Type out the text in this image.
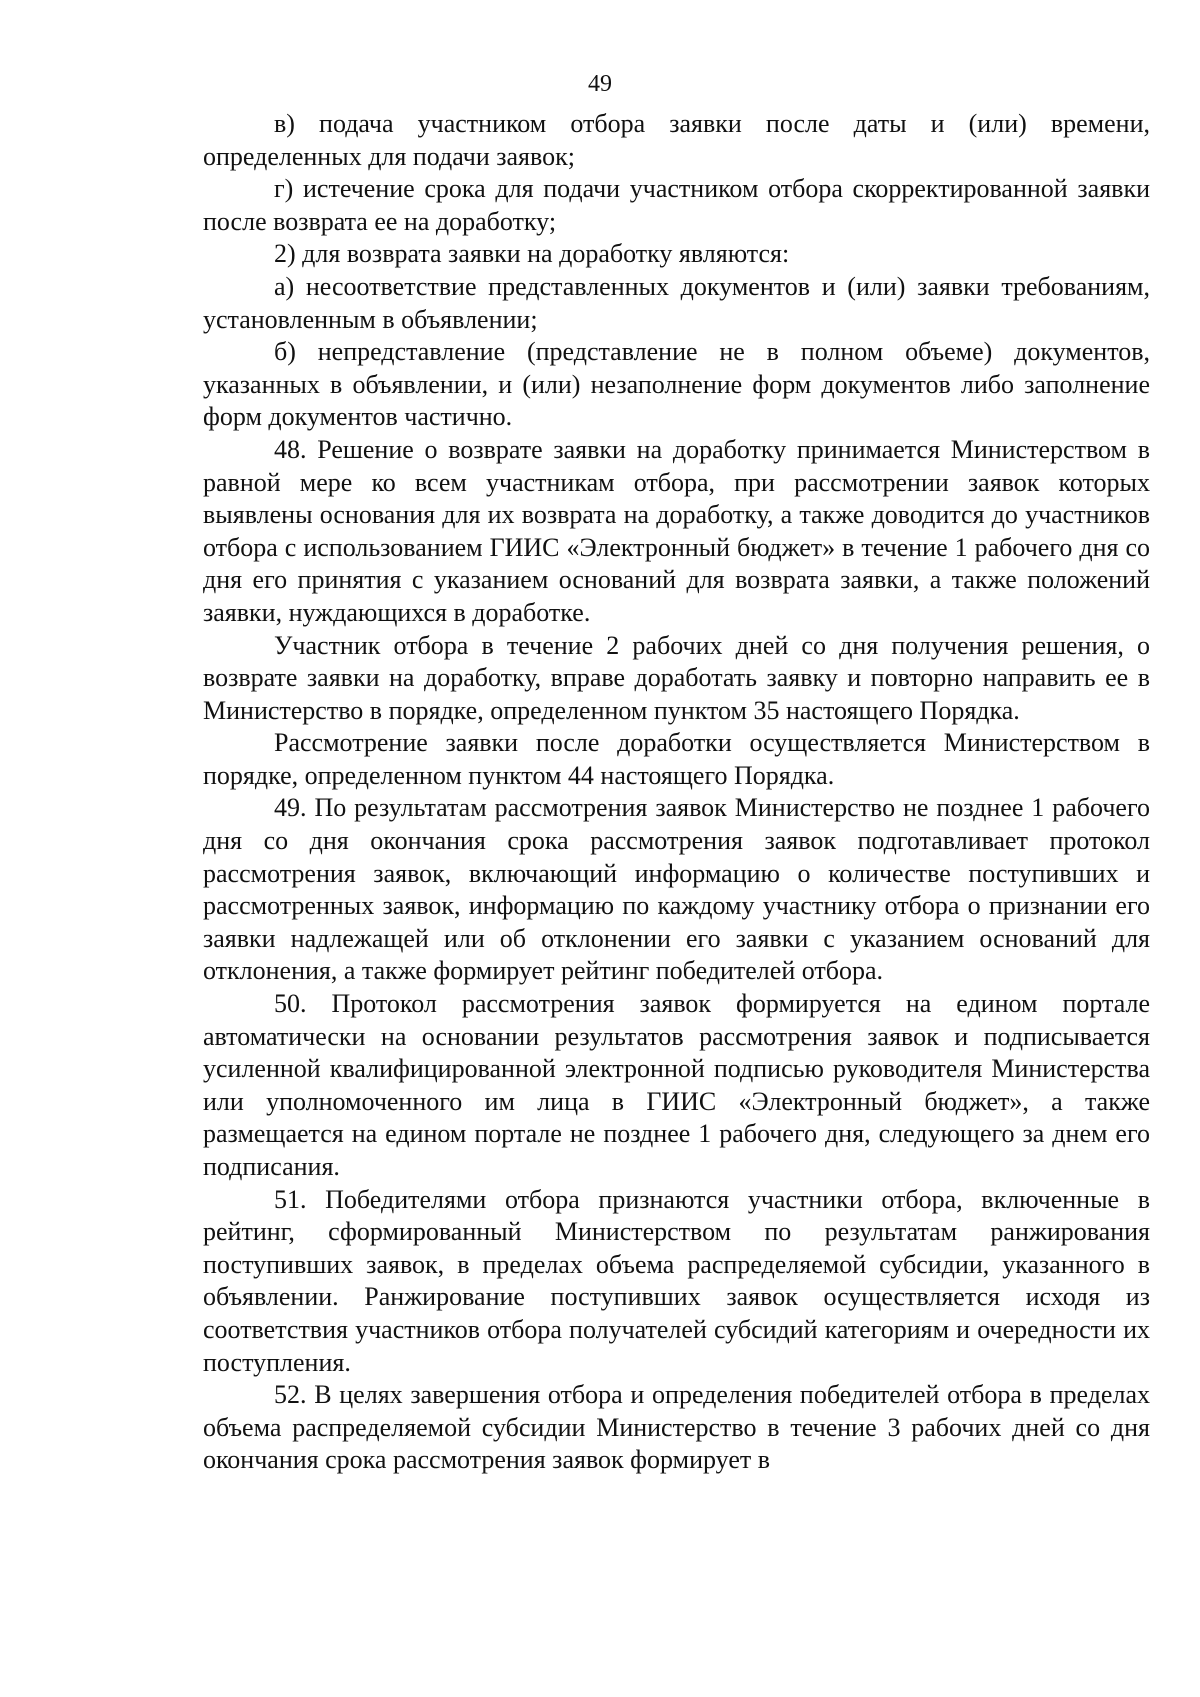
49

в) подача участником отбора заявки после даты и (или) времени, определенных для подачи заявок;

г) истечение срока для подачи участником отбора скорректированной заявки после возврата ее на доработку;

2) для возврата заявки на доработку являются:

а) несоответствие представленных документов и (или) заявки требованиям, установленным в объявлении;

б) непредставление (представление не в полном объеме) документов, указанных в объявлении, и (или) незаполнение форм документов либо заполнение форм документов частично.

48. Решение о возврате заявки на доработку принимается Министерством в равной мере ко всем участникам отбора, при рассмотрении заявок которых выявлены основания для их возврата на доработку, а также доводится до участников отбора с использованием ГИИС «Электронный бюджет» в течение 1 рабочего дня со дня его принятия с указанием оснований для возврата заявки, а также положений заявки, нуждающихся в доработке.

Участник отбора в течение 2 рабочих дней со дня получения решения, о возврате заявки на доработку, вправе доработать заявку и повторно направить ее в Министерство в порядке, определенном пунктом 35 настоящего Порядка.

Рассмотрение заявки после доработки осуществляется Министерством в порядке, определенном пунктом 44 настоящего Порядка.

49. По результатам рассмотрения заявок Министерство не позднее 1 рабочего дня со дня окончания срока рассмотрения заявок подготавливает протокол рассмотрения заявок, включающий информацию о количестве поступивших и рассмотренных заявок, информацию по каждому участнику отбора о признании его заявки надлежащей или об отклонении его заявки с указанием оснований для отклонения, а также формирует рейтинг победителей отбора.

50. Протокол рассмотрения заявок формируется на едином портале автоматически на основании результатов рассмотрения заявок и подписывается усиленной квалифицированной электронной подписью руководителя Министерства или уполномоченного им лица в ГИИС «Электронный бюджет», а также размещается на едином портале не позднее 1 рабочего дня, следующего за днем его подписания.

51. Победителями отбора признаются участники отбора, включенные в рейтинг, сформированный Министерством по результатам ранжирования поступивших заявок, в пределах объема распределяемой субсидии, указанного в объявлении. Ранжирование поступивших заявок осуществляется исходя из соответствия участников отбора получателей субсидий категориям и очередности их поступления.

52. В целях завершения отбора и определения победителей отбора в пределах объема распределяемой субсидии Министерство в течение 3 рабочих дней со дня окончания срока рассмотрения заявок формирует в
